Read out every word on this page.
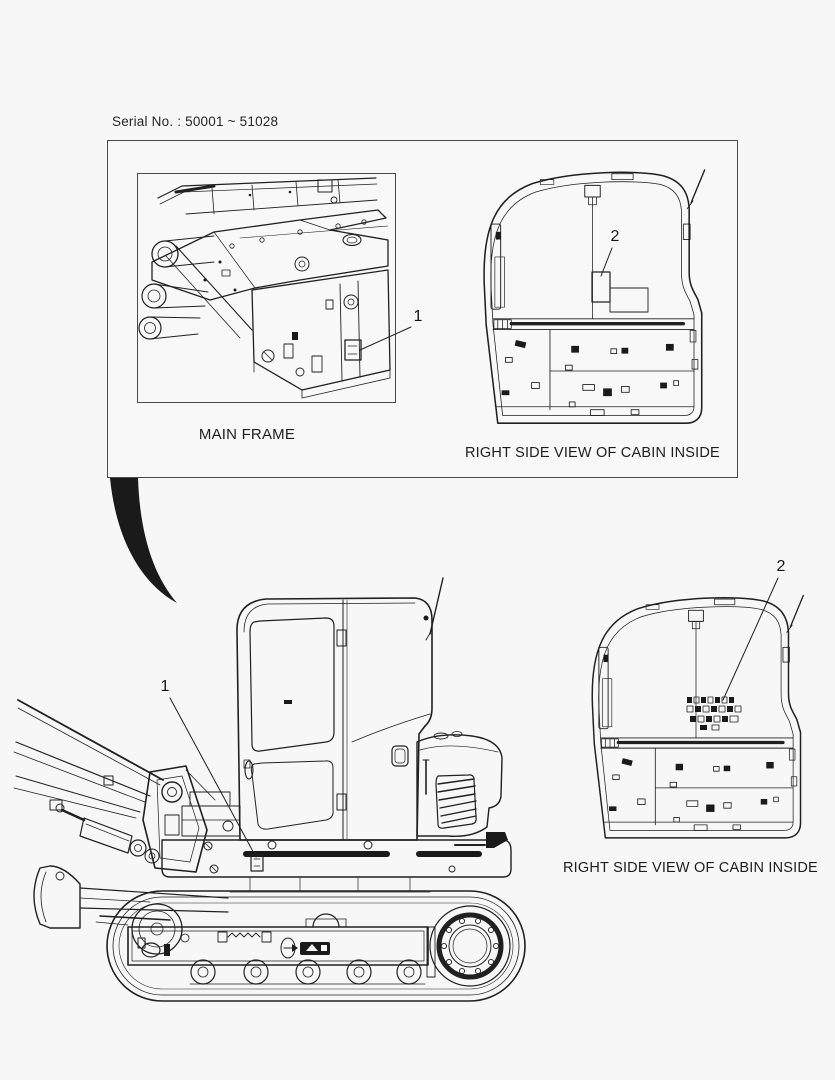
Serial No. : 50001 ~ 51028
MAIN FRAME
RIGHT SIDE VIEW OF CABIN INSIDE
RIGHT SIDE VIEW OF CABIN INSIDE
1
2
1
2
